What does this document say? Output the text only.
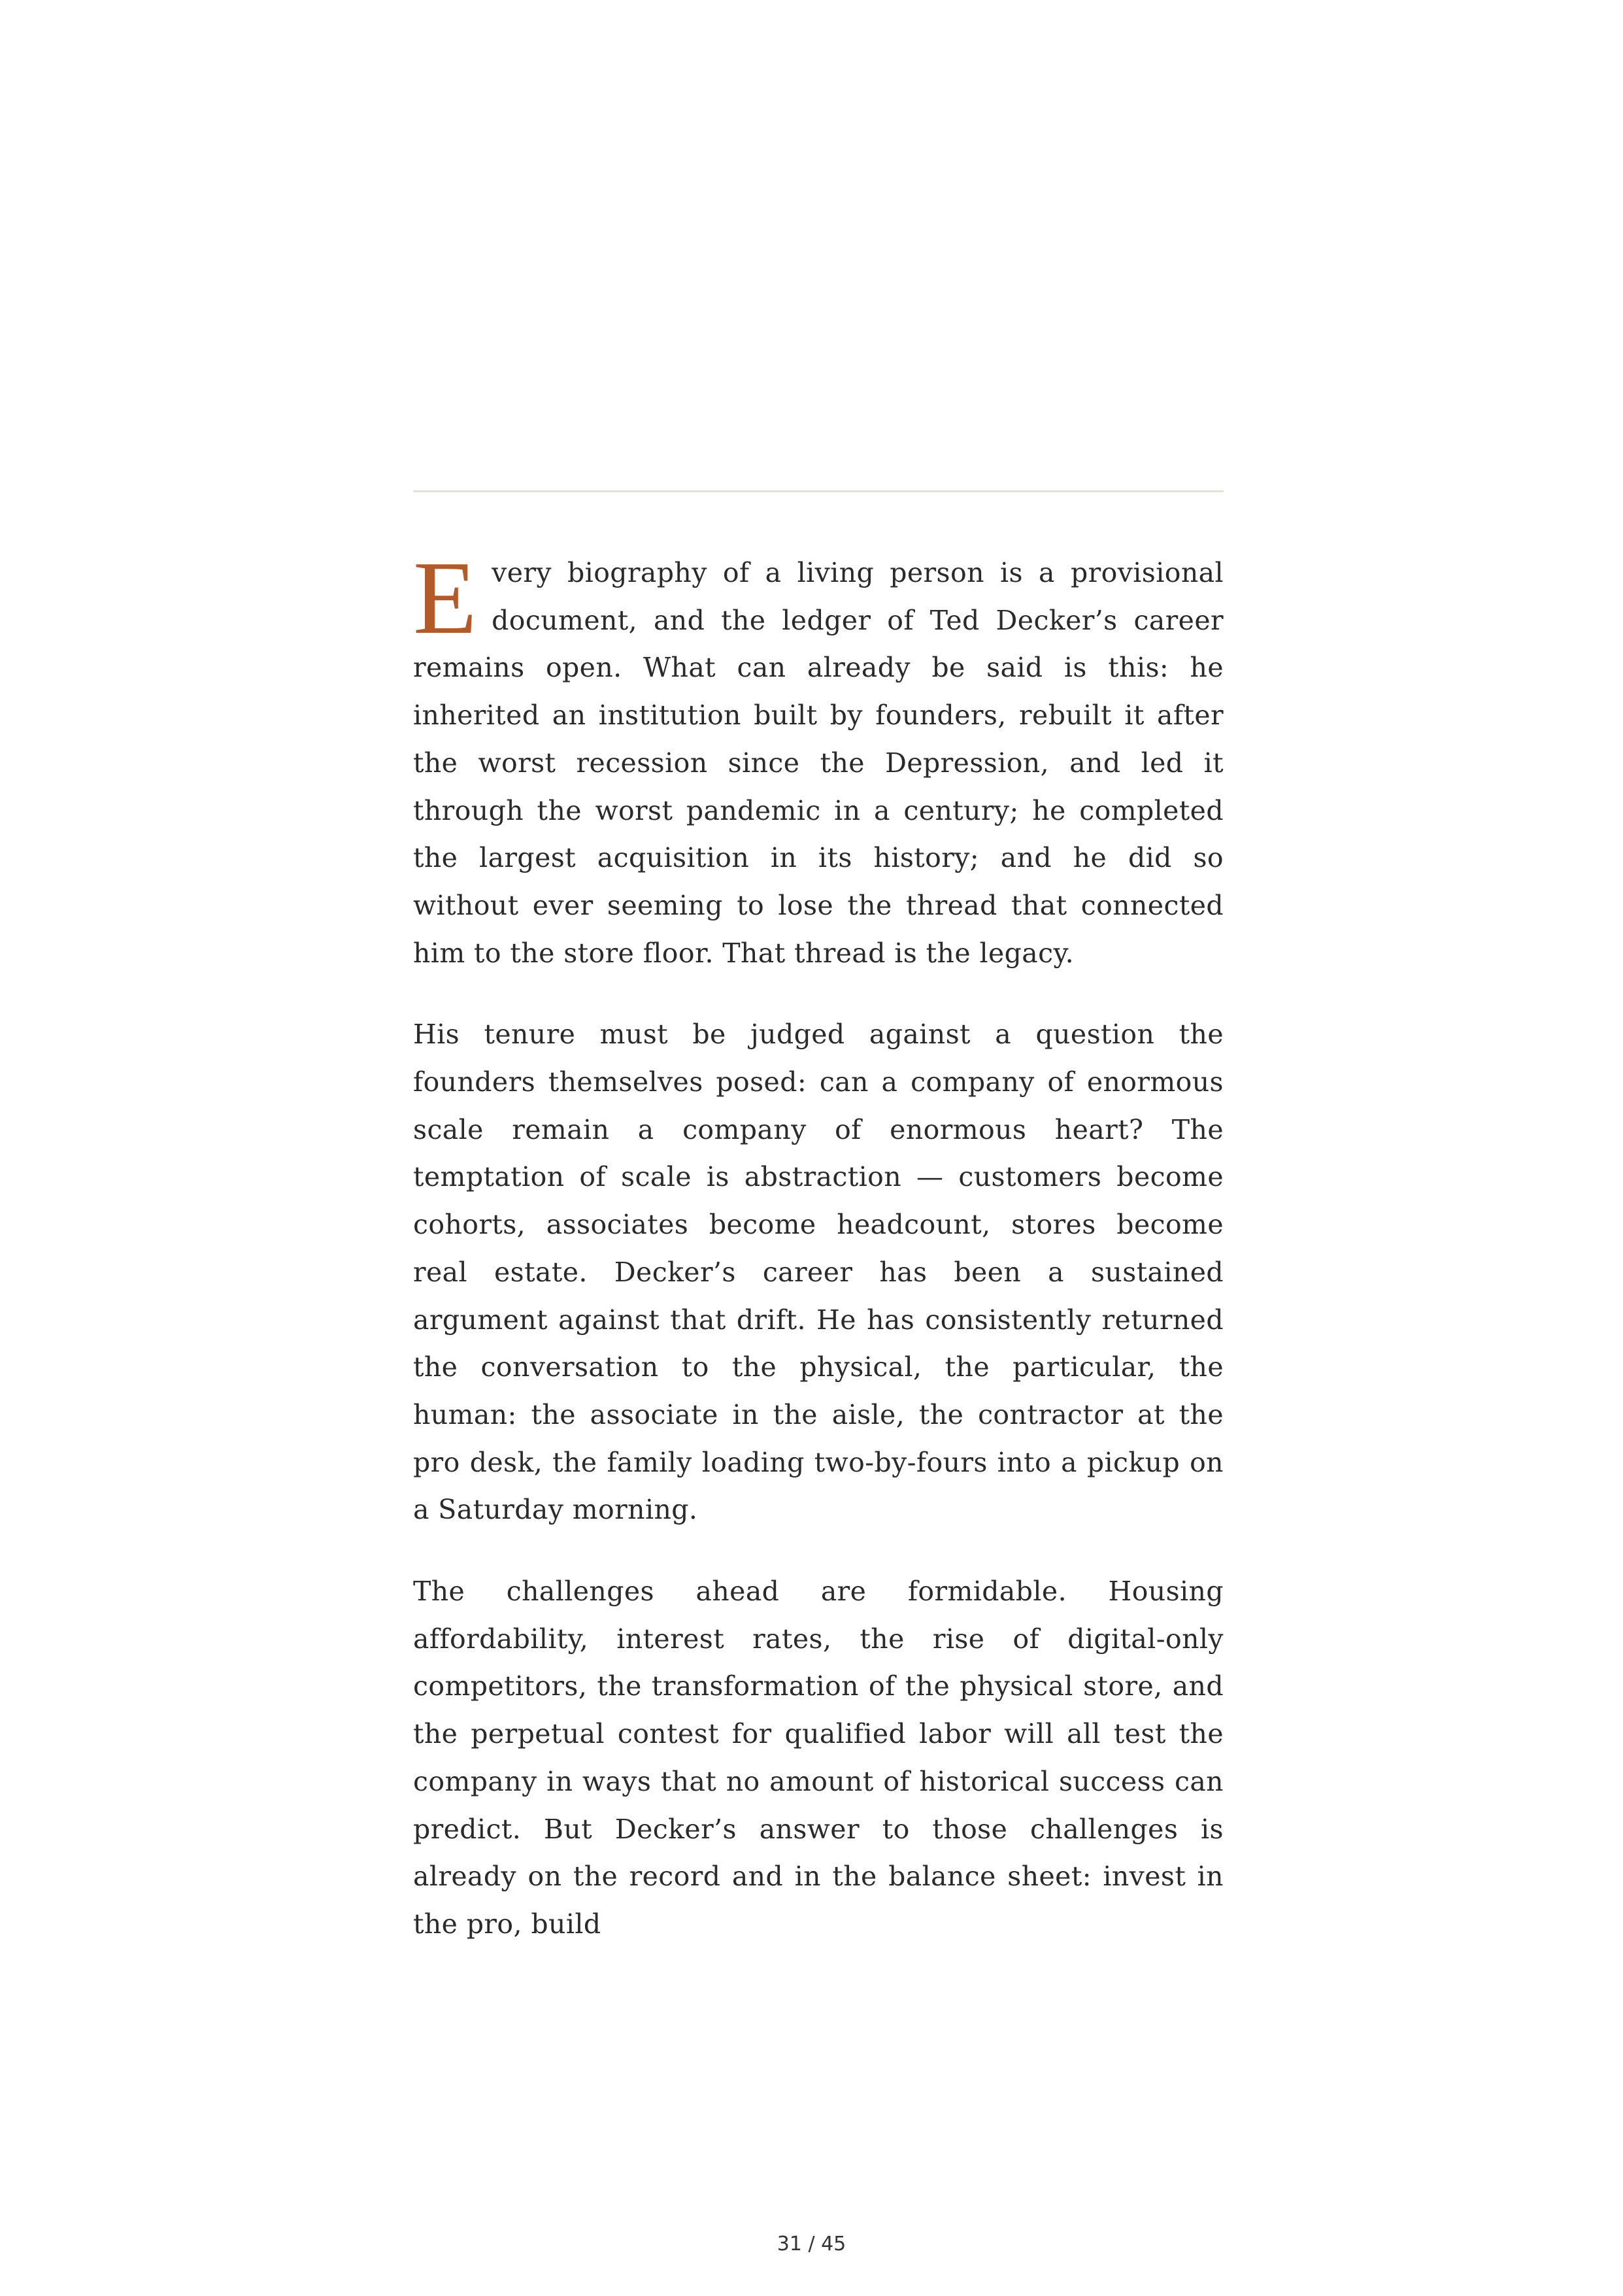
Every biography of a living person is a provisional document, and the ledger of Ted Decker’s career remains open. What can already be said is this: he inherited an institution built by founders, rebuilt it after the worst recession since the Depression, and led it through the worst pandemic in a century; he completed the largest acquisition in its history; and he did so without ever seeming to lose the thread that connected him to the store floor. That thread is the legacy.

His tenure must be judged against a question the founders themselves posed: can a company of enormous scale remain a company of enormous heart? The temptation of scale is abstraction — customers become cohorts, associates become headcount, stores become real estate. Decker’s career has been a sustained argument against that drift. He has consistently returned the conversation to the physical, the particular, the human: the associate in the aisle, the contractor at the pro desk, the family loading two-by-fours into a pickup on a Saturday morning.

The challenges ahead are formidable. Housing affordability, interest rates, the rise of digital-only competitors, the transformation of the physical store, and the perpetual contest for qualified labor will all test the company in ways that no amount of historical success can predict. But Decker’s answer to those challenges is already on the record and in the balance sheet: invest in the pro, build

31 / 45
